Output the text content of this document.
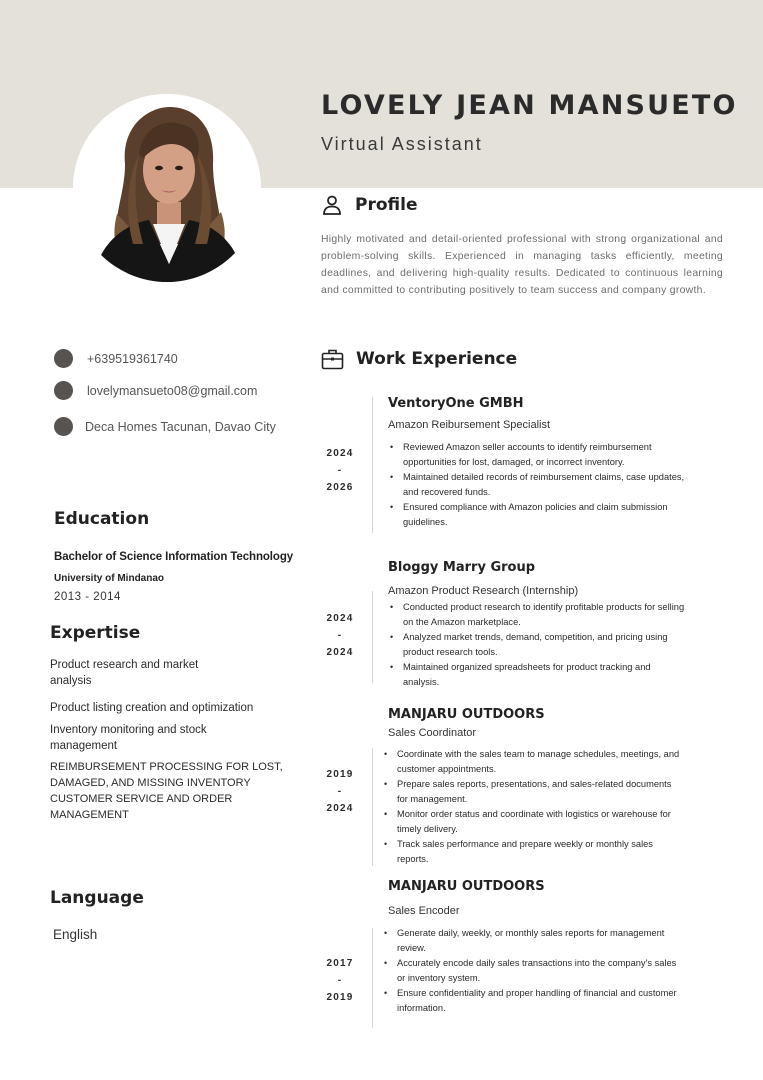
LOVELY JEAN MANSUETO
Virtual Assistant
Profile

Highly motivated and detail-oriented professional with strong organizational and problem-solving skills. Experienced in managing tasks efficiently, meeting deadlines, and delivering high-quality results. Dedicated to continuous learning and committed to contributing positively to team success and company growth.

+639519361740
lovelymansueto08@gmail.com
Deca Homes Tacunan, Davao City
Education
Bachelor of Science Information Technology
University of Mindanao
2013 - 2014
Expertise
Product research and market analysis
Product listing creation and optimization
Inventory monitoring and stock management
REIMBURSEMENT PROCESSING FOR LOST, DAMAGED, AND MISSING INVENTORY
CUSTOMER SERVICE AND ORDER MANAGEMENT
Language
English
Work Experience
2024
-
2026
VentoryOne GMBH
Amazon Reibursement Specialist
• Reviewed Amazon seller accounts to identify reimbursement opportunities for lost, damaged, or incorrect inventory.
• Maintained detailed records of reimbursement claims, case updates, and recovered funds.
• Ensured compliance with Amazon policies and claim submission guidelines.
2024
-
2024
Bloggy Marry Group
Amazon Product Research (Internship)
• Conducted product research to identify profitable products for selling on the Amazon marketplace.
• Analyzed market trends, demand, competition, and pricing using product research tools.
• Maintained organized spreadsheets for product tracking and analysis.
2019
-
2024
MANJARU OUTDOORS
Sales Coordinator
• Coordinate with the sales team to manage schedules, meetings, and customer appointments.
• Prepare sales reports, presentations, and sales-related documents for management.
• Monitor order status and coordinate with logistics or warehouse for timely delivery.
• Track sales performance and prepare weekly or monthly sales reports.
2017
-
2019
MANJARU OUTDOORS
Sales Encoder
• Generate daily, weekly, or monthly sales reports for management review.
• Accurately encode daily sales transactions into the company's sales or inventory system.
• Ensure confidentiality and proper handling of financial and customer information.
